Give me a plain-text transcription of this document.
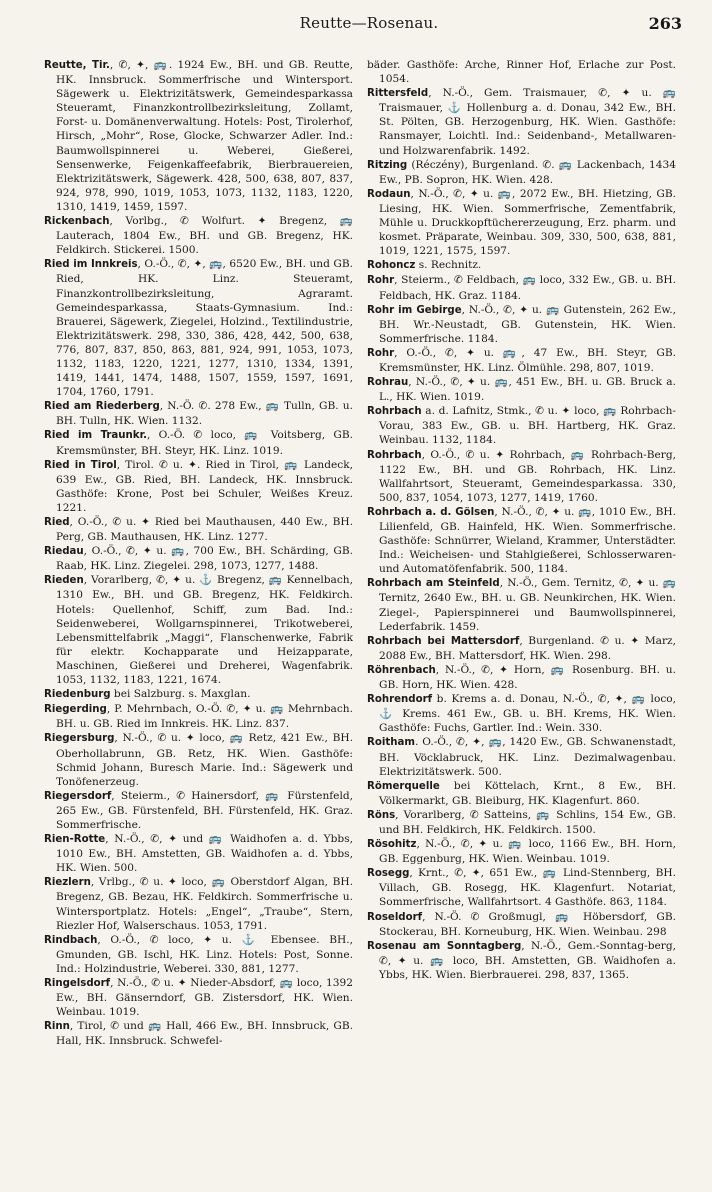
Reutte—Rosenau.	263
Reutte, Tir., ✆, ✦, 🚌. 1924 Ew., BH. und GB. Reutte, HK. Innsbruck. Sommerfrische und Wintersport. Sägewerk u. Elektrizitätswerk, Gemeindesparkassa Steueramt, Finanzkontrollbezirksleitung, Zollamt, Forst- u. Domänenverwaltung. Hotels: Post, Tirolerhof, Hirsch, „Mohr“, Rose, Glocke, Schwarzer Adler. Ind.: Baumwollspinnerei u. Weberei, Gießerei, Sensenwerke, Feigenkaffeefabrik, Bierbrauereien, Elektrizitätswerk, Sägewerk. 428, 500, 638, 807, 837, 924, 978, 990, 1019, 1053, 1073, 1132, 1183, 1220, 1310, 1419, 1459, 1597.
Rickenbach, Vorlbg., ✆ Wolfurt. ✦ Bregenz, 🚌 Lauterach, 1804 Ew., BH. und GB. Bregenz, HK. Feldkirch. Stickerei. 1500.
Ried im Innkreis, O.-Ö., ✆, ✦, 🚌, 6520 Ew., BH. und GB. Ried, HK. Linz. Steueramt, Finanzkontrollbezirksleitung, Agraramt. Gemeindesparkassa, Staats-Gymnasium. Ind.: Brauerei, Sägewerk, Ziegelei, Holzind., Textilindustrie, Elektrizitätswerk. 298, 330, 386, 428, 442, 500, 638, 776, 807, 837, 850, 863, 881, 924, 991, 1053, 1073, 1132, 1183, 1220, 1221, 1277, 1310, 1334, 1391, 1419, 1441, 1474, 1488, 1507, 1559, 1597, 1691, 1704, 1760, 1791.
Ried am Riederberg, N.-Ö. ✆. 278 Ew., 🚌 Tulln, GB. u. BH. Tulln, HK. Wien. 1132.
Ried im Traunkr., O.-Ö. ✆ loco, 🚌 Voitsberg, GB. Kremsmünster, BH. Steyr, HK. Linz. 1019.
Ried in Tirol, Tirol. ✆ u. ✦. Ried in Tirol, 🚌 Landeck, 639 Ew., GB. Ried, BH. Landeck, HK. Innsbruck. Gasthöfe: Krone, Post bei Schuler, Weißes Kreuz. 1221.
Ried, O.-Ö., ✆ u. ✦ Ried bei Mauthausen, 440 Ew., BH. Perg, GB. Mauthausen, HK. Linz. 1277.
Riedau, O.-Ö., ✆, ✦ u. 🚌, 700 Ew., BH. Schärding, GB. Raab, HK. Linz. Ziegelei. 298, 1073, 1277, 1488.
Rieden, Vorarlberg, ✆, ✦ u. ⚓ Bregenz, 🚌 Kennelbach, 1310 Ew., BH. und GB. Bregenz, HK. Feldkirch. Hotels: Quellenhof, Schiff, zum Bad. Ind.: Seidenweberei, Wollgarnspinnerei, Trikotweberei, Lebensmittelfabrik „Maggi“, Flanschenwerke, Fabrik für elektr. Kochapparate und Heizapparate, Maschinen, Gießerei und Dreherei, Wagenfabrik. 1053, 1132, 1183, 1221, 1674.
Riedenburg bei Salzburg. s. Maxglan.
Riegerding, P. Mehrnbach, O.-Ö. ✆, ✦ u. 🚌 Mehrnbach. BH. u. GB. Ried im Innkreis. HK. Linz. 837.
Riegersburg, N.-Ö., ✆ u. ✦ loco, 🚌 Retz, 421 Ew., BH. Oberhollabrunn, GB. Retz, HK. Wien. Gasthöfe: Schmid Johann, Buresch Marie. Ind.: Sägewerk und Tonöfenerzeug.
Riegersdorf, Steierm., ✆ Hainersdorf, 🚌 Fürstenfeld, 265 Ew., GB. Fürstenfeld, BH. Fürstenfeld, HK. Graz. Sommerfrische.
Rien-Rotte, N.-Ö., ✆, ✦ und 🚌 Waidhofen a. d. Ybbs, 1010 Ew., BH. Amstetten, GB. Waidhofen a. d. Ybbs, HK. Wien. 500.
Riezlern, Vrlbg., ✆ u. ✦ loco, 🚌 Oberstdorf Algan, BH. Bregenz, GB. Bezau, HK. Feldkirch. Sommerfrische u. Wintersportplatz. Hotels: „Engel“, „Traube“, Stern, Riezler Hof, Walserschaus. 1053, 1791.
Rindbach, O.-Ö., ✆ loco, ✦ u. ⚓ Ebensee. BH., Gmunden, GB. Ischl, HK. Linz. Hotels: Post, Sonne. Ind.: Holzindustrie, Weberei. 330, 881, 1277.
Ringelsdorf, N.-Ö., ✆ u. ✦ Nieder-Absdorf, 🚌 loco, 1392 Ew., BH. Gänserndorf, GB. Zistersdorf, HK. Wien. Weinbau. 1019.
Rinn, Tirol, ✆ und 🚌 Hall, 466 Ew., BH. Innsbruck, GB. Hall, HK. Innsbruck. Schwefel-
bäder. Gasthöfe: Arche, Rinner Hof, Erlache zur Post. 1054.
Rittersfeld, N.-Ö., Gem. Traismauer, ✆, ✦ u. 🚌 Traismauer, ⚓ Hollenburg a. d. Donau, 342 Ew., BH. St. Pölten, GB. Herzogenburg, HK. Wien. Gasthöfe: Ransmayer, Loichtl. Ind.: Seidenband-, Metallwaren- und Holzwarenfabrik. 1492.
Ritzing (Réczény), Burgenland. ✆. 🚌 Lackenbach, 1434 Ew., PB. Sopron, HK. Wien. 428.
Rodaun, N.-Ö., ✆, ✦ u. 🚌, 2072 Ew., BH. Hietzing, GB. Liesing, HK. Wien. Sommerfrische, Zementfabrik, Mühle u. Druckkopftüchererzeugung, Erz. pharm. und kosmet. Präparate, Weinbau. 309, 330, 500, 638, 881, 1019, 1221, 1575, 1597.
Rohoncz s. Rechnitz.
Rohr, Steierm., ✆ Feldbach, 🚌 loco, 332 Ew., GB. u. BH. Feldbach, HK. Graz. 1184.
Rohr im Gebirge, N.-Ö., ✆, ✦ u. 🚌 Gutenstein, 262 Ew., BH. Wr.-Neustadt, GB. Gutenstein, HK. Wien. Sommerfrische. 1184.
Rohr, O.-Ö., ✆, ✦ u. 🚌, 47 Ew., BH. Steyr, GB. Kremsmünster, HK. Linz. Ölmühle. 298, 807, 1019.
Rohrau, N.-Ö., ✆, ✦ u. 🚌, 451 Ew., BH. u. GB. Bruck a. L., HK. Wien. 1019.
Rohrbach a. d. Lafnitz, Stmk., ✆ u. ✦ loco, 🚌 Rohrbach-Vorau, 383 Ew., GB. u. BH. Hartberg, HK. Graz. Weinbau. 1132, 1184.
Rohrbach, O.-Ö., ✆ u. ✦ Rohrbach, 🚌 Rohrbach-Berg, 1122 Ew., BH. und GB. Rohrbach, HK. Linz. Wallfahrtsort, Steueramt, Gemeindesparkassa. 330, 500, 837, 1054, 1073, 1277, 1419, 1760.
Rohrbach a. d. Gölsen, N.-Ö., ✆, ✦ u. 🚌, 1010 Ew., BH. Lilienfeld, GB. Hainfeld, HK. Wien. Sommerfrische. Gasthöfe: Schnürrer, Wieland, Krammer, Unterstädter. Ind.: Weicheisen- und Stahlgießerei, Schlosserwaren- und Automatöfenfabrik. 500, 1184.
Rohrbach am Steinfeld, N.-Ö., Gem. Ternitz, ✆, ✦ u. 🚌 Ternitz, 2640 Ew., BH. u. GB. Neunkirchen, HK. Wien. Ziegel-, Papierspinnerei und Baumwollspinnerei, Lederfabrik. 1459.
Rohrbach bei Mattersdorf, Burgenland. ✆ u. ✦ Marz, 2088 Ew., BH. Mattersdorf, HK. Wien. 298.
Röhrenbach, N.-Ö., ✆, ✦ Horn, 🚌 Rosenburg. BH. u. GB. Horn, HK. Wien. 428.
Rohrendorf b. Krems a. d. Donau, N.-Ö., ✆, ✦, 🚌 loco, ⚓ Krems. 461 Ew., GB. u. BH. Krems, HK. Wien. Gasthöfe: Fuchs, Gartler. Ind.: Wein. 330.
Roitham. O.-Ö., ✆, ✦, 🚌, 1420 Ew., GB. Schwanenstadt, BH. Vöcklabruck, HK. Linz. Dezimalwagenbau. Elektrizitätswerk. 500.
Römerquelle bei Köttelach, Krnt., 8 Ew., BH. Völkermarkt, GB. Bleiburg, HK. Klagenfurt. 860.
Röns, Vorarlberg, ✆ Satteins, 🚌 Schlins, 154 Ew., GB. und BH. Feldkirch, HK. Feldkirch. 1500.
Rösohitz, N.-Ö., ✆, ✦ u. 🚌 loco, 1166 Ew., BH. Horn, GB. Eggenburg, HK. Wien. Weinbau. 1019.
Rosegg, Krnt., ✆, ✦, 651 Ew., 🚌 Lind-Stennberg, BH. Villach, GB. Rosegg, HK. Klagenfurt. Notariat, Sommerfrische, Wallfahrtsort. 4 Gasthöfe. 863, 1184.
Roseldorf, N.-Ö. ✆ Großmugl, 🚌 Höbersdorf, GB. Stockerau, BH. Korneuburg, HK. Wien. Weinbau. 298
Rosenau am Sonntagberg, N.-Ö., Gem.-Sonntag-berg, ✆, ✦ u. 🚌 loco, BH. Amstetten, GB. Waidhofen a. Ybbs, HK. Wien. Bierbrauerei. 298, 837, 1365.
